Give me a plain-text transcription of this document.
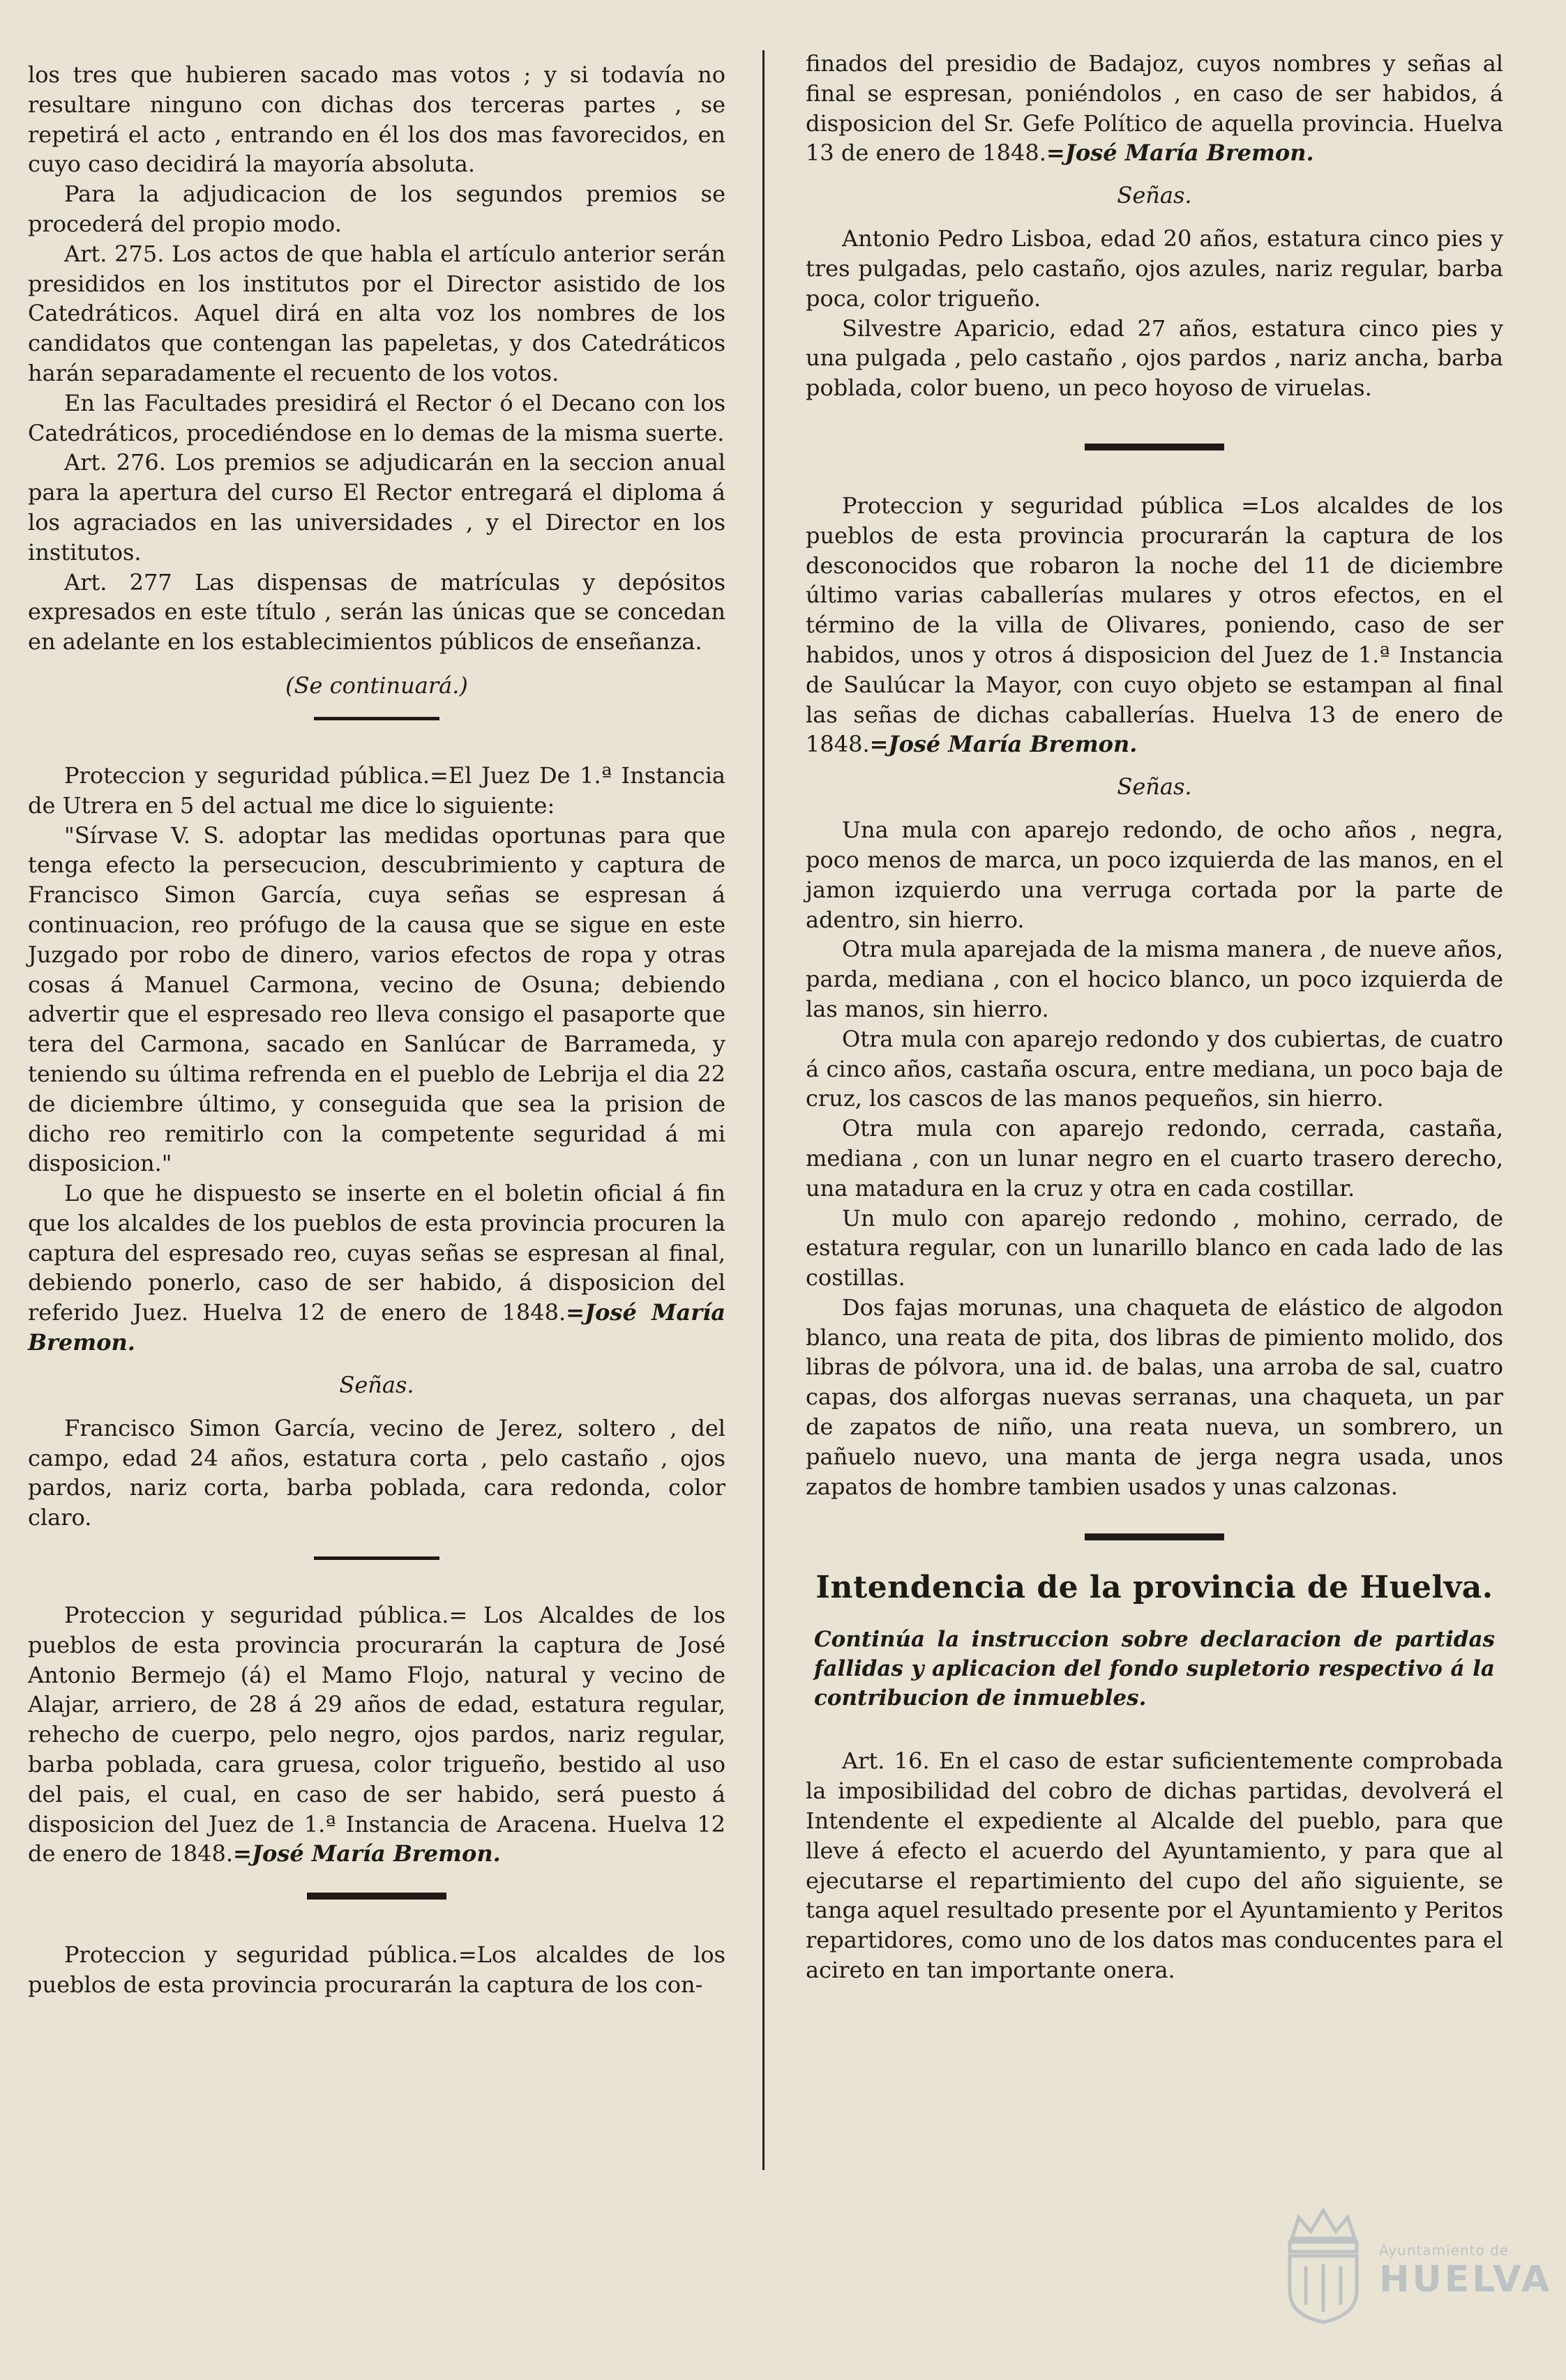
los tres que hubieren sacado mas votos ; y si todavía no resultare ninguno con dichas dos terceras partes , se repetirá el acto , entrando en él los dos mas favorecidos, en cuyo caso decidirá la mayoría absoluta.

Para la adjudicacion de los segundos premios se procederá del propio modo.

Art. 275. Los actos de que habla el artículo anterior serán presididos en los institutos por el Director asistido de los Catedráticos. Aquel dirá en alta voz los nombres de los candidatos que contengan las papeletas, y dos Catedráticos harán separadamente el recuento de los votos.

En las Facultades presidirá el Rector ó el Decano con los Catedráticos, procediéndose en lo demas de la misma suerte.

Art. 276. Los premios se adjudicarán en la seccion anual para la apertura del curso El Rector entregará el diploma á los agraciados en las universidades , y el Director en los institutos.

Art. 277 Las dispensas de matrículas y depósitos expresados en este título , serán las únicas que se concedan en adelante en los establecimientos públicos de enseñanza.

(Se continuará.)

Proteccion y seguridad pública.=El Juez De 1.ª Instancia de Utrera en 5 del actual me dice lo siguiente:

"Sírvase V. S. adoptar las medidas oportunas para que tenga efecto la persecucion, descubrimiento y captura de Francisco Simon García, cuya señas se espresan á continuacion, reo prófugo de la causa que se sigue en este Juzgado por robo de dinero, varios efectos de ropa y otras cosas á Manuel Carmona, vecino de Osuna; debiendo advertir que el espresado reo lleva consigo el pasaporte que tera del Carmona, sacado en Sanlúcar de Barrameda, y teniendo su última refrenda en el pueblo de Lebrija el dia 22 de diciembre último, y conseguida que sea la prision de dicho reo remitirlo con la competente seguridad á mi disposicion."

Lo que he dispuesto se inserte en el boletin oficial á fin que los alcaldes de los pueblos de esta provincia procuren la captura del espresado reo, cuyas señas se espresan al final, debiendo ponerlo, caso de ser habido, á disposicion del referido Juez. Huelva 12 de enero de 1848.=José María Bremon.

Señas.

Francisco Simon García, vecino de Jerez, soltero , del campo, edad 24 años, estatura corta , pelo castaño , ojos pardos, nariz corta, barba poblada, cara redonda, color claro.

Proteccion y seguridad pública.= Los Alcaldes de los pueblos de esta provincia procurarán la captura de José Antonio Bermejo (á) el Mamo Flojo, natural y vecino de Alajar, arriero, de 28 á 29 años de edad, estatura regular, rehecho de cuerpo, pelo negro, ojos pardos, nariz regular, barba poblada, cara gruesa, color trigueño, bestido al uso del pais, el cual, en caso de ser habido, será puesto á disposicion del Juez de 1.ª Instancia de Aracena. Huelva 12 de enero de 1848.=José María Bremon.

Proteccion y seguridad pública.=Los alcaldes de los pueblos de esta provincia procurarán la captura de los con-

finados del presidio de Badajoz, cuyos nombres y señas al final se espresan, poniéndolos , en caso de ser habidos, á disposicion del Sr. Gefe Político de aquella provincia. Huelva 13 de enero de 1848.=José María Bremon.

Señas.

Antonio Pedro Lisboa, edad 20 años, estatura cinco pies y tres pulgadas, pelo castaño, ojos azules, nariz regular, barba poca, color trigueño.

Silvestre Aparicio, edad 27 años, estatura cinco pies y una pulgada , pelo castaño , ojos pardos , nariz ancha, barba poblada, color bueno, un peco hoyoso de viruelas.

Proteccion y seguridad pública =Los alcaldes de los pueblos de esta provincia procurarán la captura de los desconocidos que robaron la noche del 11 de diciembre último varias caballerías mulares y otros efectos, en el término de la villa de Olivares, poniendo, caso de ser habidos, unos y otros á disposicion del Juez de 1.ª Instancia de Saulúcar la Mayor, con cuyo objeto se estampan al final las señas de dichas caballerías. Huelva 13 de enero de 1848.=José María Bremon.

Señas.

Una mula con aparejo redondo, de ocho años , negra, poco menos de marca, un poco izquierda de las manos, en el jamon izquierdo una verruga cortada por la parte de adentro, sin hierro.

Otra mula aparejada de la misma manera , de nueve años, parda, mediana , con el hocico blanco, un poco izquierda de las manos, sin hierro.

Otra mula con aparejo redondo y dos cubiertas, de cuatro á cinco años, castaña oscura, entre mediana, un poco baja de cruz, los cascos de las manos pequeños, sin hierro.

Otra mula con aparejo redondo, cerrada, castaña, mediana , con un lunar negro en el cuarto trasero derecho, una matadura en la cruz y otra en cada costillar.

Un mulo con aparejo redondo , mohino, cerrado, de estatura regular, con un lunarillo blanco en cada lado de las costillas.

Dos fajas morunas, una chaqueta de elástico de algodon blanco, una reata de pita, dos libras de pimiento molido, dos libras de pólvora, una id. de balas, una arroba de sal, cuatro capas, dos alforgas nuevas serranas, una chaqueta, un par de zapatos de niño, una reata nueva, un sombrero, un pañuelo nuevo, una manta de jerga negra usada, unos zapatos de hombre tambien usados y unas calzonas.

Intendencia de la provincia de Huelva.
Continúa la instruccion sobre declaracion de partidas fallidas y aplicacion del fondo supletorio respectivo á la contribucion de inmuebles.

Art. 16. En el caso de estar suficientemente comprobada la imposibilidad del cobro de dichas partidas, devolverá el Intendente el expediente al Alcalde del pueblo, para que lleve á efecto el acuerdo del Ayuntamiento, y para que al ejecutarse el repartimiento del cupo del año siguiente, se tanga aquel resultado presente por el Ayuntamiento y Peritos repartidores, como uno de los datos mas conducentes para el acireto en tan importante onera.

Ayuntamiento de
HUELVA
